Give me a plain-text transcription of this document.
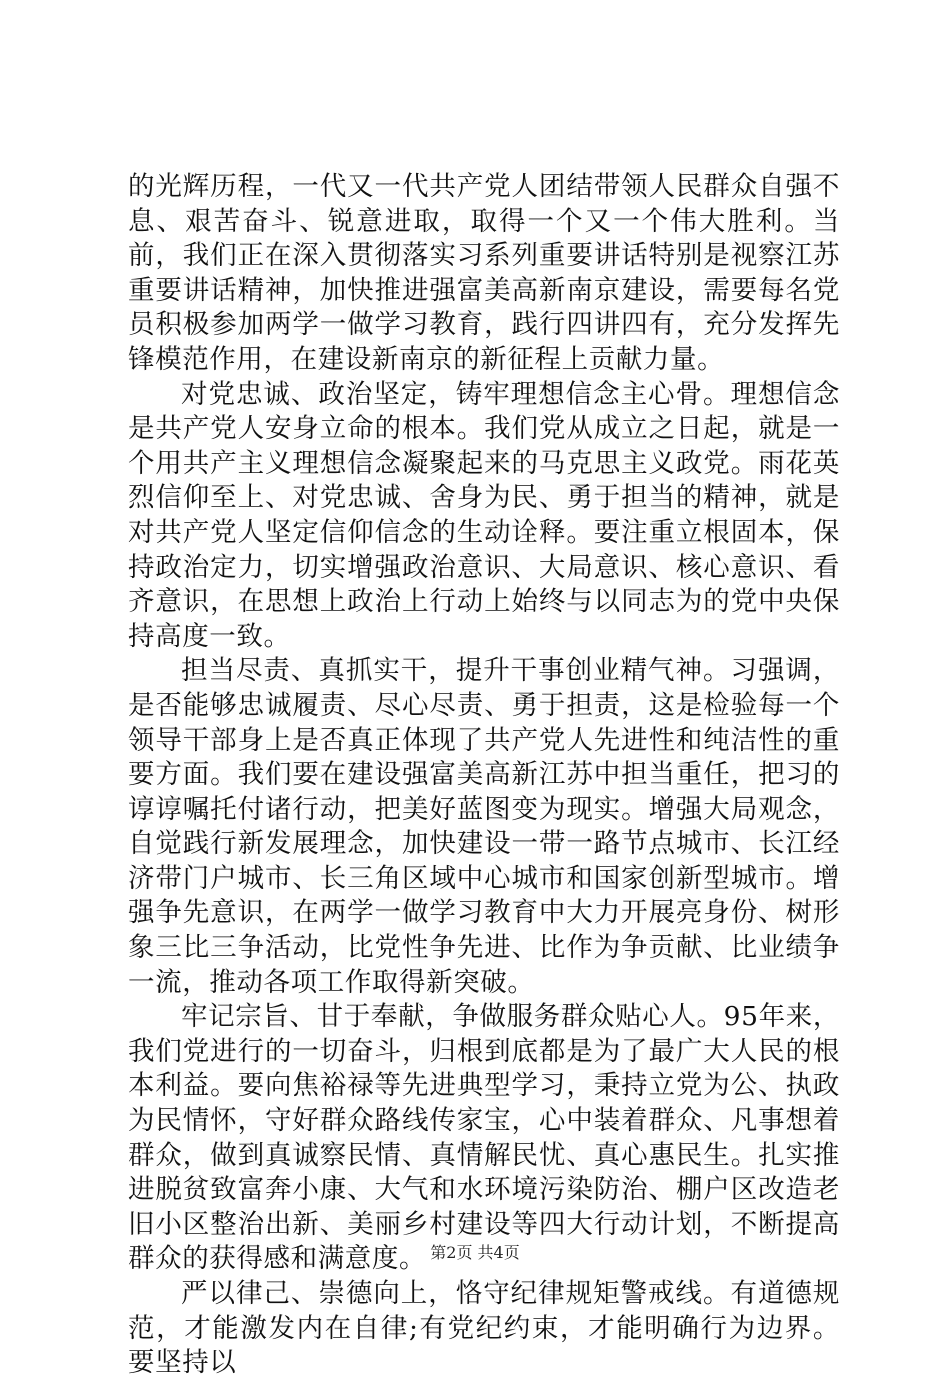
的光辉历程，一代又一代共产党人团结带领人民群众自强不息、艰苦奋斗、锐意进取，取得一个又一个伟大胜利。当前，我们正在深入贯彻落实习系列重要讲话特别是视察江苏重要讲话精神，加快推进强富美高新南京建设，需要每名党员积极参加两学一做学习教育，践行四讲四有，充分发挥先锋模范作用，在建设新南京的新征程上贡献力量。

对党忠诚、政治坚定，铸牢理想信念主心骨。理想信念是共产党人安身立命的根本。我们党从成立之日起，就是一个用共产主义理想信念凝聚起来的马克思主义政党。雨花英烈信仰至上、对党忠诚、舍身为民、勇于担当的精神，就是对共产党人坚定信仰信念的生动诠释。要注重立根固本，保持政治定力，切实增强政治意识、大局意识、核心意识、看齐意识，在思想上政治上行动上始终与以同志为的党中央保持高度一致。

担当尽责、真抓实干，提升干事创业精气神。习强调，是否能够忠诚履责、尽心尽责、勇于担责，这是检验每一个领导干部身上是否真正体现了共产党人先进性和纯洁性的重要方面。我们要在建设强富美高新江苏中担当重任，把习的谆谆嘱托付诸行动，把美好蓝图变为现实。增强大局观念，自觉践行新发展理念，加快建设一带一路节点城市、长江经济带门户城市、长三角区域中心城市和国家创新型城市。增强争先意识，在两学一做学习教育中大力开展亮身份、树形象三比三争活动，比党性争先进、比作为争贡献、比业绩争一流，推动各项工作取得新突破。

牢记宗旨、甘于奉献，争做服务群众贴心人。95年来，我们党进行的一切奋斗，归根到底都是为了最广大人民的根本利益。要向焦裕禄等先进典型学习，秉持立党为公、执政为民情怀，守好群众路线传家宝，心中装着群众、凡事想着群众，做到真诚察民情、真情解民忧、真心惠民生。扎实推进脱贫致富奔小康、大气和水环境污染防治、棚户区改造老旧小区整治出新、美丽乡村建设等四大行动计划，不断提高群众的获得感和满意度。

严以律己、崇德向上，恪守纪律规矩警戒线。有道德规范，才能激发内在自律;有党纪约束，才能明确行为边界。要坚持以

第2页 共4页
